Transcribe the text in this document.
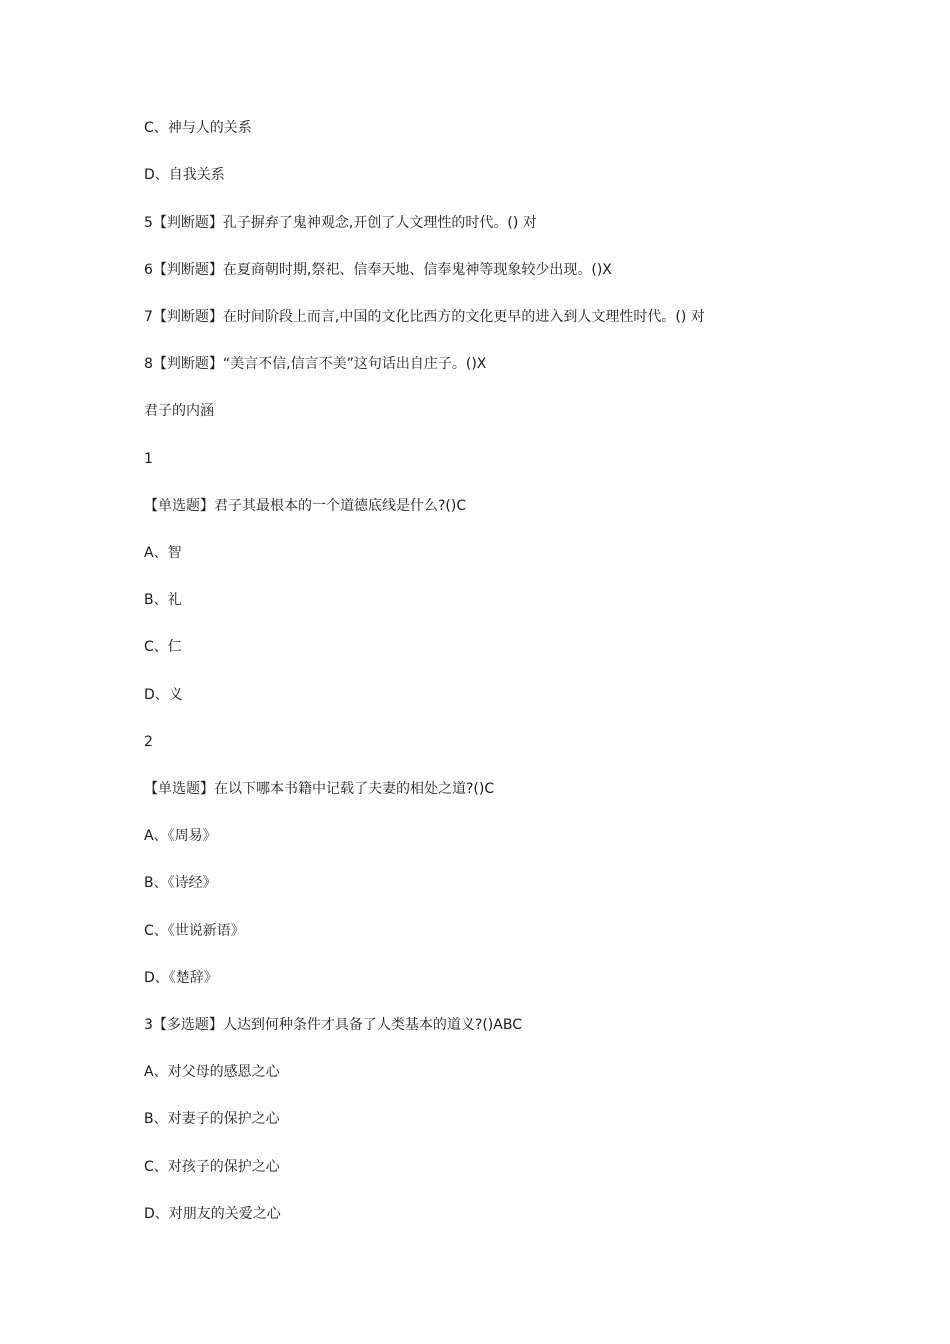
C、神与人的关系
D、自我关系
5【判断题】孔子摒弃了鬼神观念,开创了人文理性的时代。() 对
6【判断题】在夏商朝时期,祭祀、信奉天地、信奉鬼神等现象较少出现。()X
7【判断题】在时间阶段上而言,中国的文化比西方的文化更早的进入到人文理性时代。() 对
8【判断题】“美言不信,信言不美”这句话出自庄子。()X
君子的内涵
1
【单选题】君子其最根本的一个道德底线是什么?()C
A、智
B、礼
C、仁
D、义
2
【单选题】在以下哪本书籍中记载了夫妻的相处之道?()C
A、《周易》
B、《诗经》
C、《世说新语》
D、《楚辞》
3【多选题】人达到何种条件才具备了人类基本的道义?()ABC
A、对父母的感恩之心
B、对妻子的保护之心
C、对孩子的保护之心
D、对朋友的关爱之心
